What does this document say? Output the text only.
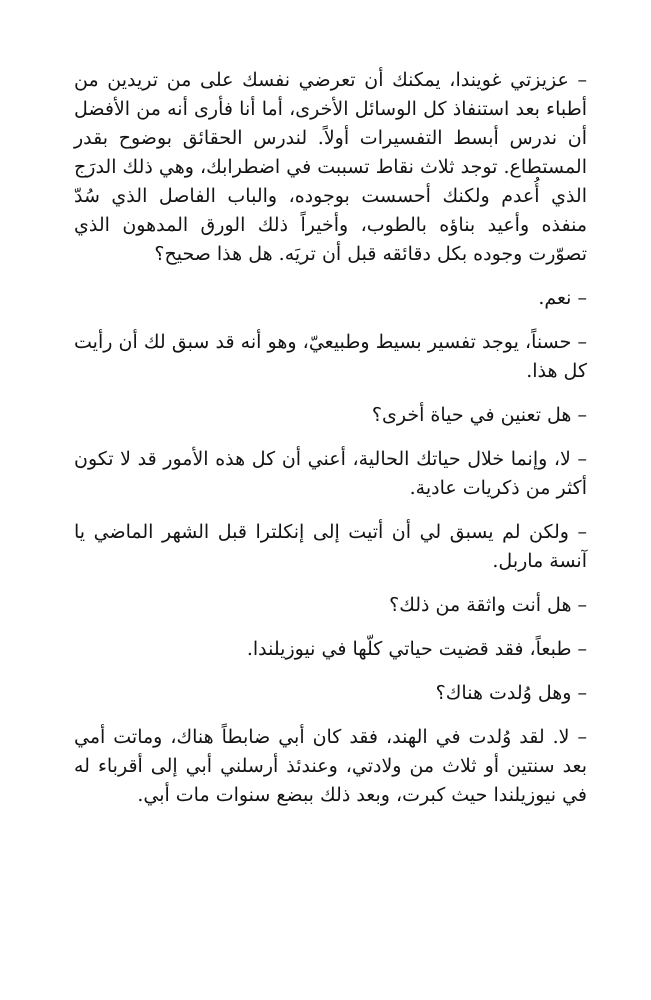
– عزيزتي غويندا، يمكنك أن تعرضي نفسك على من تريدين من أطباء بعد استنفاذ كل الوسائل الأخرى، أما أنا فأرى أنه من الأفضل أن ندرس أبسط التفسيرات أولاً. لندرس الحقائق بوضوح بقدر المستطاع. توجد ثلاث نقاط تسببت في اضطرابك، وهي ذلك الدرَج الذي أُعدم ولكنك أحسست بوجوده، والباب الفاصل الذي سُدّ منفذه وأعيد بناؤه بالطوب، وأخيراً ذلك الورق المدهون الذي تصوّرت وجوده بكل دقائقه قبل أن تريَه. هل هذا صحيح؟

– نعم.

– حسناً، يوجد تفسير بسيط وطبيعيّ، وهو أنه قد سبق لك أن رأيت كل هذا.

– هل تعنين في حياة أخرى؟

– لا، وإنما خلال حياتك الحالية، أعني أن كل هذه الأمور قد لا تكون أكثر من ذكريات عادية.

– ولكن لم يسبق لي أن أتيت إلى إنكلترا قبل الشهر الماضي يا آنسة ماربل.

– هل أنت واثقة من ذلك؟

– طبعاً، فقد قضيت حياتي كلّها في نيوزيلندا.

– وهل وُلدت هناك؟

– لا. لقد وُلدت في الهند، فقد كان أبي ضابطاً هناك، وماتت أمي بعد سنتين أو ثلاث من ولادتي، وعندئذ أرسلني أبي إلى أقرباء له في نيوزيلندا حيث كبرت، وبعد ذلك ببضع سنوات مات أبي.
